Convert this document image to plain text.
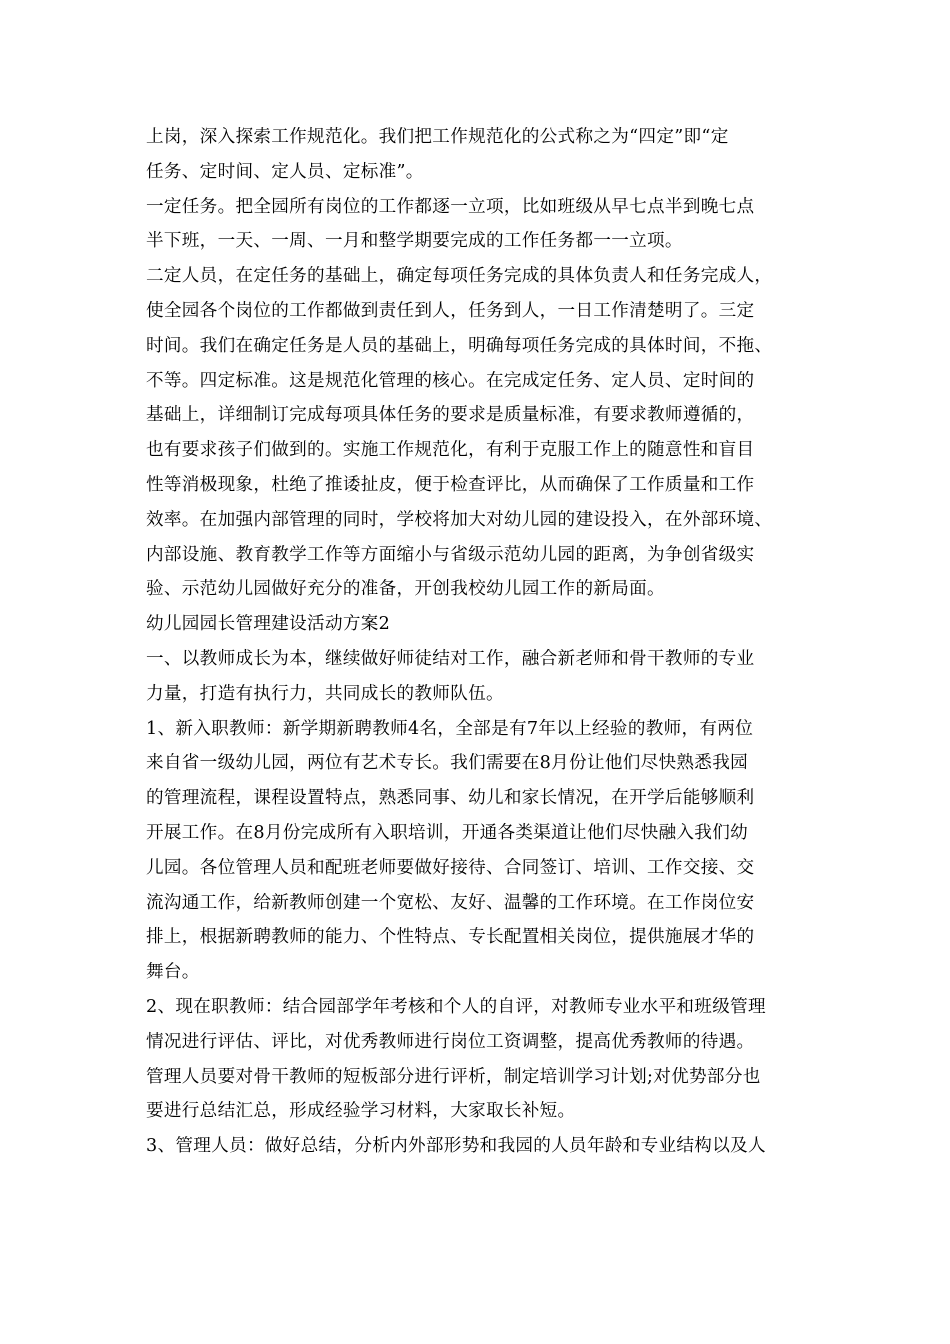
上岗，深入探索工作规范化。我们把工作规范化的公式称之为“四定”即“定
任务、定时间、定人员、定标准”。
一定任务。把全园所有岗位的工作都逐一立项，比如班级从早七点半到晚七点
半下班，一天、一周、一月和整学期要完成的工作任务都一一立项。
二定人员，在定任务的基础上，确定每项任务完成的具体负责人和任务完成人，
使全园各个岗位的工作都做到责任到人，任务到人，一日工作清楚明了。三定
时间。我们在确定任务是人员的基础上，明确每项任务完成的具体时间，不拖、
不等。四定标准。这是规范化管理的核心。在完成定任务、定人员、定时间的
基础上，详细制订完成每项具体任务的要求是质量标准，有要求教师遵循的，
也有要求孩子们做到的。实施工作规范化，有利于克服工作上的随意性和盲目
性等消极现象，杜绝了推诿扯皮，便于检查评比，从而确保了工作质量和工作
效率。在加强内部管理的同时，学校将加大对幼儿园的建设投入，在外部环境、
内部设施、教育教学工作等方面缩小与省级示范幼儿园的距离，为争创省级实
验、示范幼儿园做好充分的准备，开创我校幼儿园工作的新局面。
幼儿园园长管理建设活动方案2
一、以教师成长为本，继续做好师徒结对工作，融合新老师和骨干教师的专业
力量，打造有执行力，共同成长的教师队伍。
1、新入职教师：新学期新聘教师4名，全部是有7年以上经验的教师，有两位
来自省一级幼儿园，两位有艺术专长。我们需要在8月份让他们尽快熟悉我园
的管理流程，课程设置特点，熟悉同事、幼儿和家长情况，在开学后能够顺利
开展工作。在8月份完成所有入职培训，开通各类渠道让他们尽快融入我们幼
儿园。各位管理人员和配班老师要做好接待、合同签订、培训、工作交接、交
流沟通工作，给新教师创建一个宽松、友好、温馨的工作环境。在工作岗位安
排上，根据新聘教师的能力、个性特点、专长配置相关岗位，提供施展才华的
舞台。
2、现在职教师：结合园部学年考核和个人的自评，对教师专业水平和班级管理
情况进行评估、评比，对优秀教师进行岗位工资调整，提高优秀教师的待遇。
管理人员要对骨干教师的短板部分进行评析，制定培训学习计划;对优势部分也
要进行总结汇总，形成经验学习材料，大家取长补短。
3、管理人员：做好总结，分析内外部形势和我园的人员年龄和专业结构以及人
